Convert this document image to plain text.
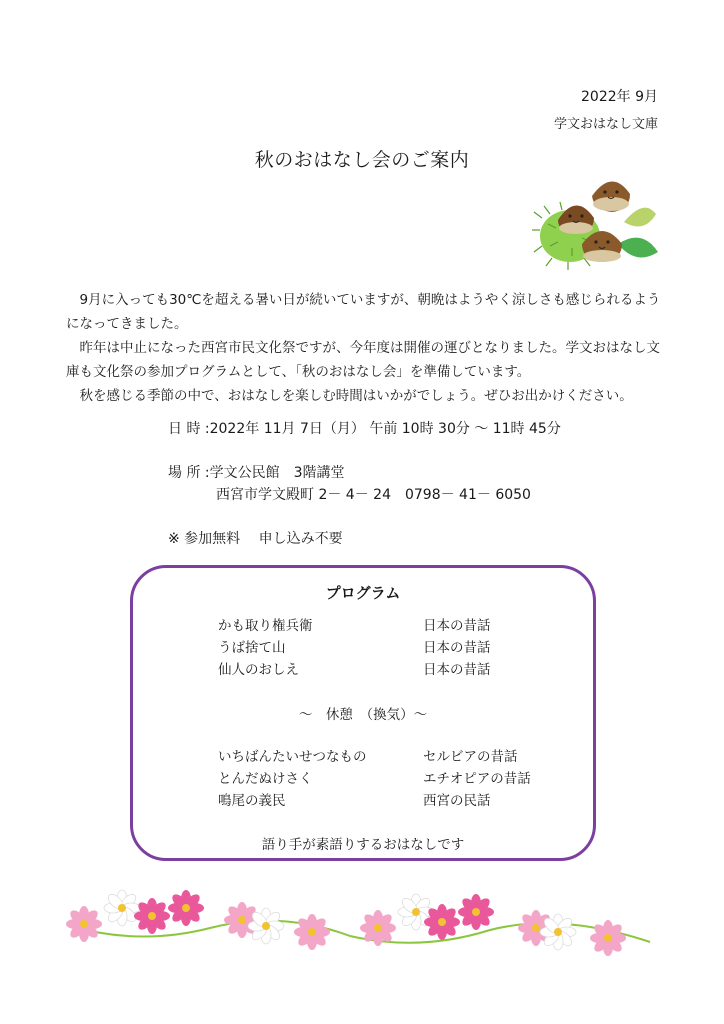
2022年 9月
学文おはなし文庫
秋のおはなし会のご案内

9月に入っても30℃を超える暑い日が続いていますが、朝晩はようやく涼しさも感じられるようになってきました。

昨年は中止になった西宮市民文化祭ですが、今年度は開催の運びとなりました。学文おはなし文庫も文化祭の参加プログラムとして、「秋のおはなし会」を準備しています。

秋を感じる季節の中で、おはなしを楽しむ時間はいかがでしょう。ぜひお出かけください。

日 時 :2022年 11月 7日（月） 午前 10時 30分 ～ 11時 45分
場 所 :学文公民館　3階講堂
西宮市学文殿町 2－ 4－ 24　0798－ 41－ 6050
※ 参加無料　 申し込み不要
プログラム
かも取り権兵衛	日本の昔話
うば捨て山	日本の昔話
仙人のおしえ	日本の昔話
～　休憩　（換気）～
いちばんたいせつなもの	セルビアの昔話
とんだぬけさく	エチオピアの昔話
鳴尾の義民	西宮の民話
語り手が素語りするおはなしです
